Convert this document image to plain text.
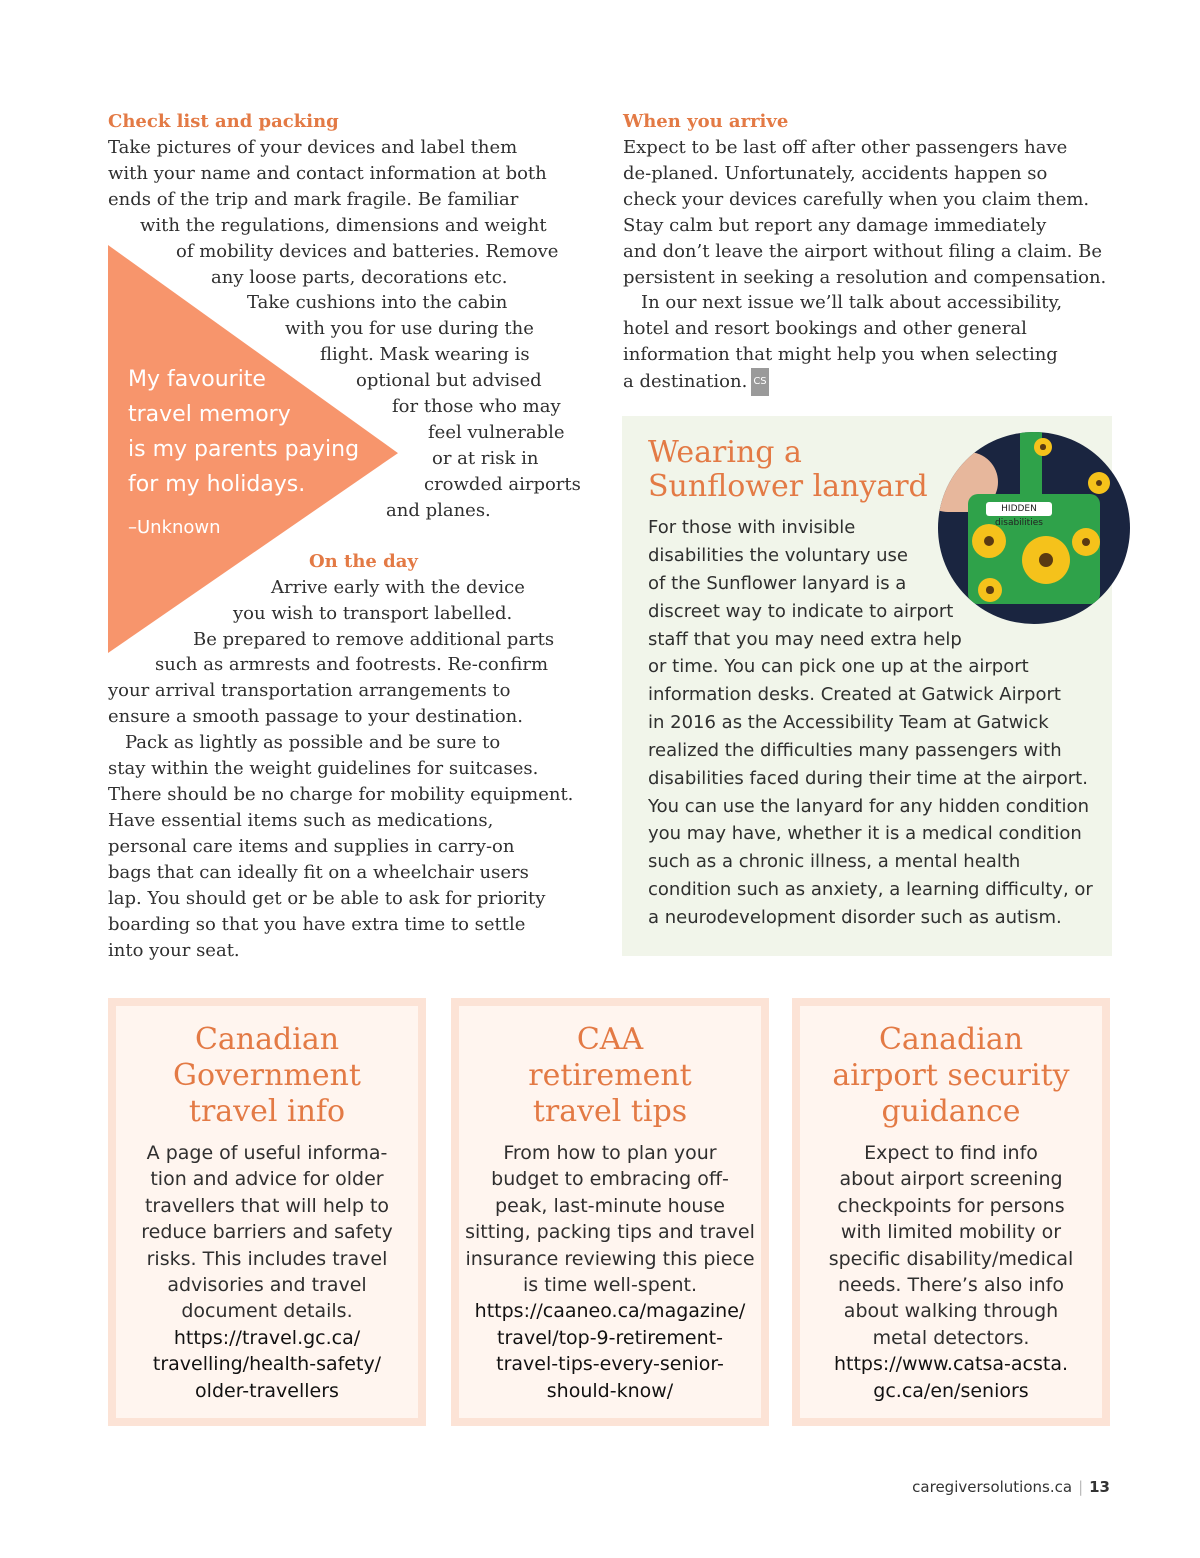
Check list and packing
Take pictures of your devices and label them
with your name and contact information at both
ends of the trip and mark fragile. Be familiar
with the regulations, dimensions and weight
of mobility devices and batteries. Remove
any loose parts, decorations etc.
Take cushions into the cabin
with you for use during the
flight. Mask wearing is
optional but advised
for those who may
feel vulnerable
or at risk in
crowded airports
and planes.
My favourite
travel memory
is my parents paying
for my holidays.
–Unknown
On the day
Arrive early with the device
you wish to transport labelled.
Be prepared to remove additional parts
such as armrests and footrests. Re-confirm
your arrival transportation arrangements to
ensure a smooth passage to your destination.
Pack as lightly as possible and be sure to
stay within the weight guidelines for suitcases.
There should be no charge for mobility equipment.
Have essential items such as medications,
personal care items and supplies in carry-on
bags that can ideally fit on a wheelchair users
lap. You should get or be able to ask for priority
boarding so that you have extra time to settle
into your seat.
When you arrive
Expect to be last off after other passengers have
de-planed. Unfortunately, accidents happen so
check your devices carefully when you claim them.
Stay calm but report any damage immediately
and don’t leave the airport without filing a claim. Be
persistent in seeking a resolution and compensation.
In our next issue we’ll talk about accessibility,
hotel and resort bookings and other general
information that might help you when selecting
a destination. CS
Wearing a
Sunflower lanyard
HIDDEN disabilities
For those with invisible
disabilities the voluntary use
of the Sunflower lanyard is a
discreet way to indicate to airport
staff that you may need extra help
or time. You can pick one up at the airport
information desks. Created at Gatwick Airport
in 2016 as the Accessibility Team at Gatwick
realized the difficulties many passengers with
disabilities faced during their time at the airport.
You can use the lanyard for any hidden condition
you may have, whether it is a medical condition
such as a chronic illness, a mental health
condition such as anxiety, a learning difficulty, or
a neurodevelopment disorder such as autism.
Canadian
Government
travel info
A page of useful informa-
tion and advice for older
travellers that will help to
reduce barriers and safety
risks. This includes travel
advisories and travel
document details.
https://travel.gc.ca/
travelling/health-safety/
older-travellers
CAA
retirement
travel tips
From how to plan your
budget to embracing off-
peak, last-minute house
sitting, packing tips and travel
insurance reviewing this piece
is time well-spent.
https://caaneo.ca/magazine/
travel/top-9-retirement-
travel-tips-every-senior-
should-know/
Canadian
airport security
guidance
Expect to find info
about airport screening
checkpoints for persons
with limited mobility or
specific disability/medical
needs. There’s also info
about walking through
metal detectors.
https://www.catsa-acsta.
gc.ca/en/seniors
caregiversolutions.ca | 13
